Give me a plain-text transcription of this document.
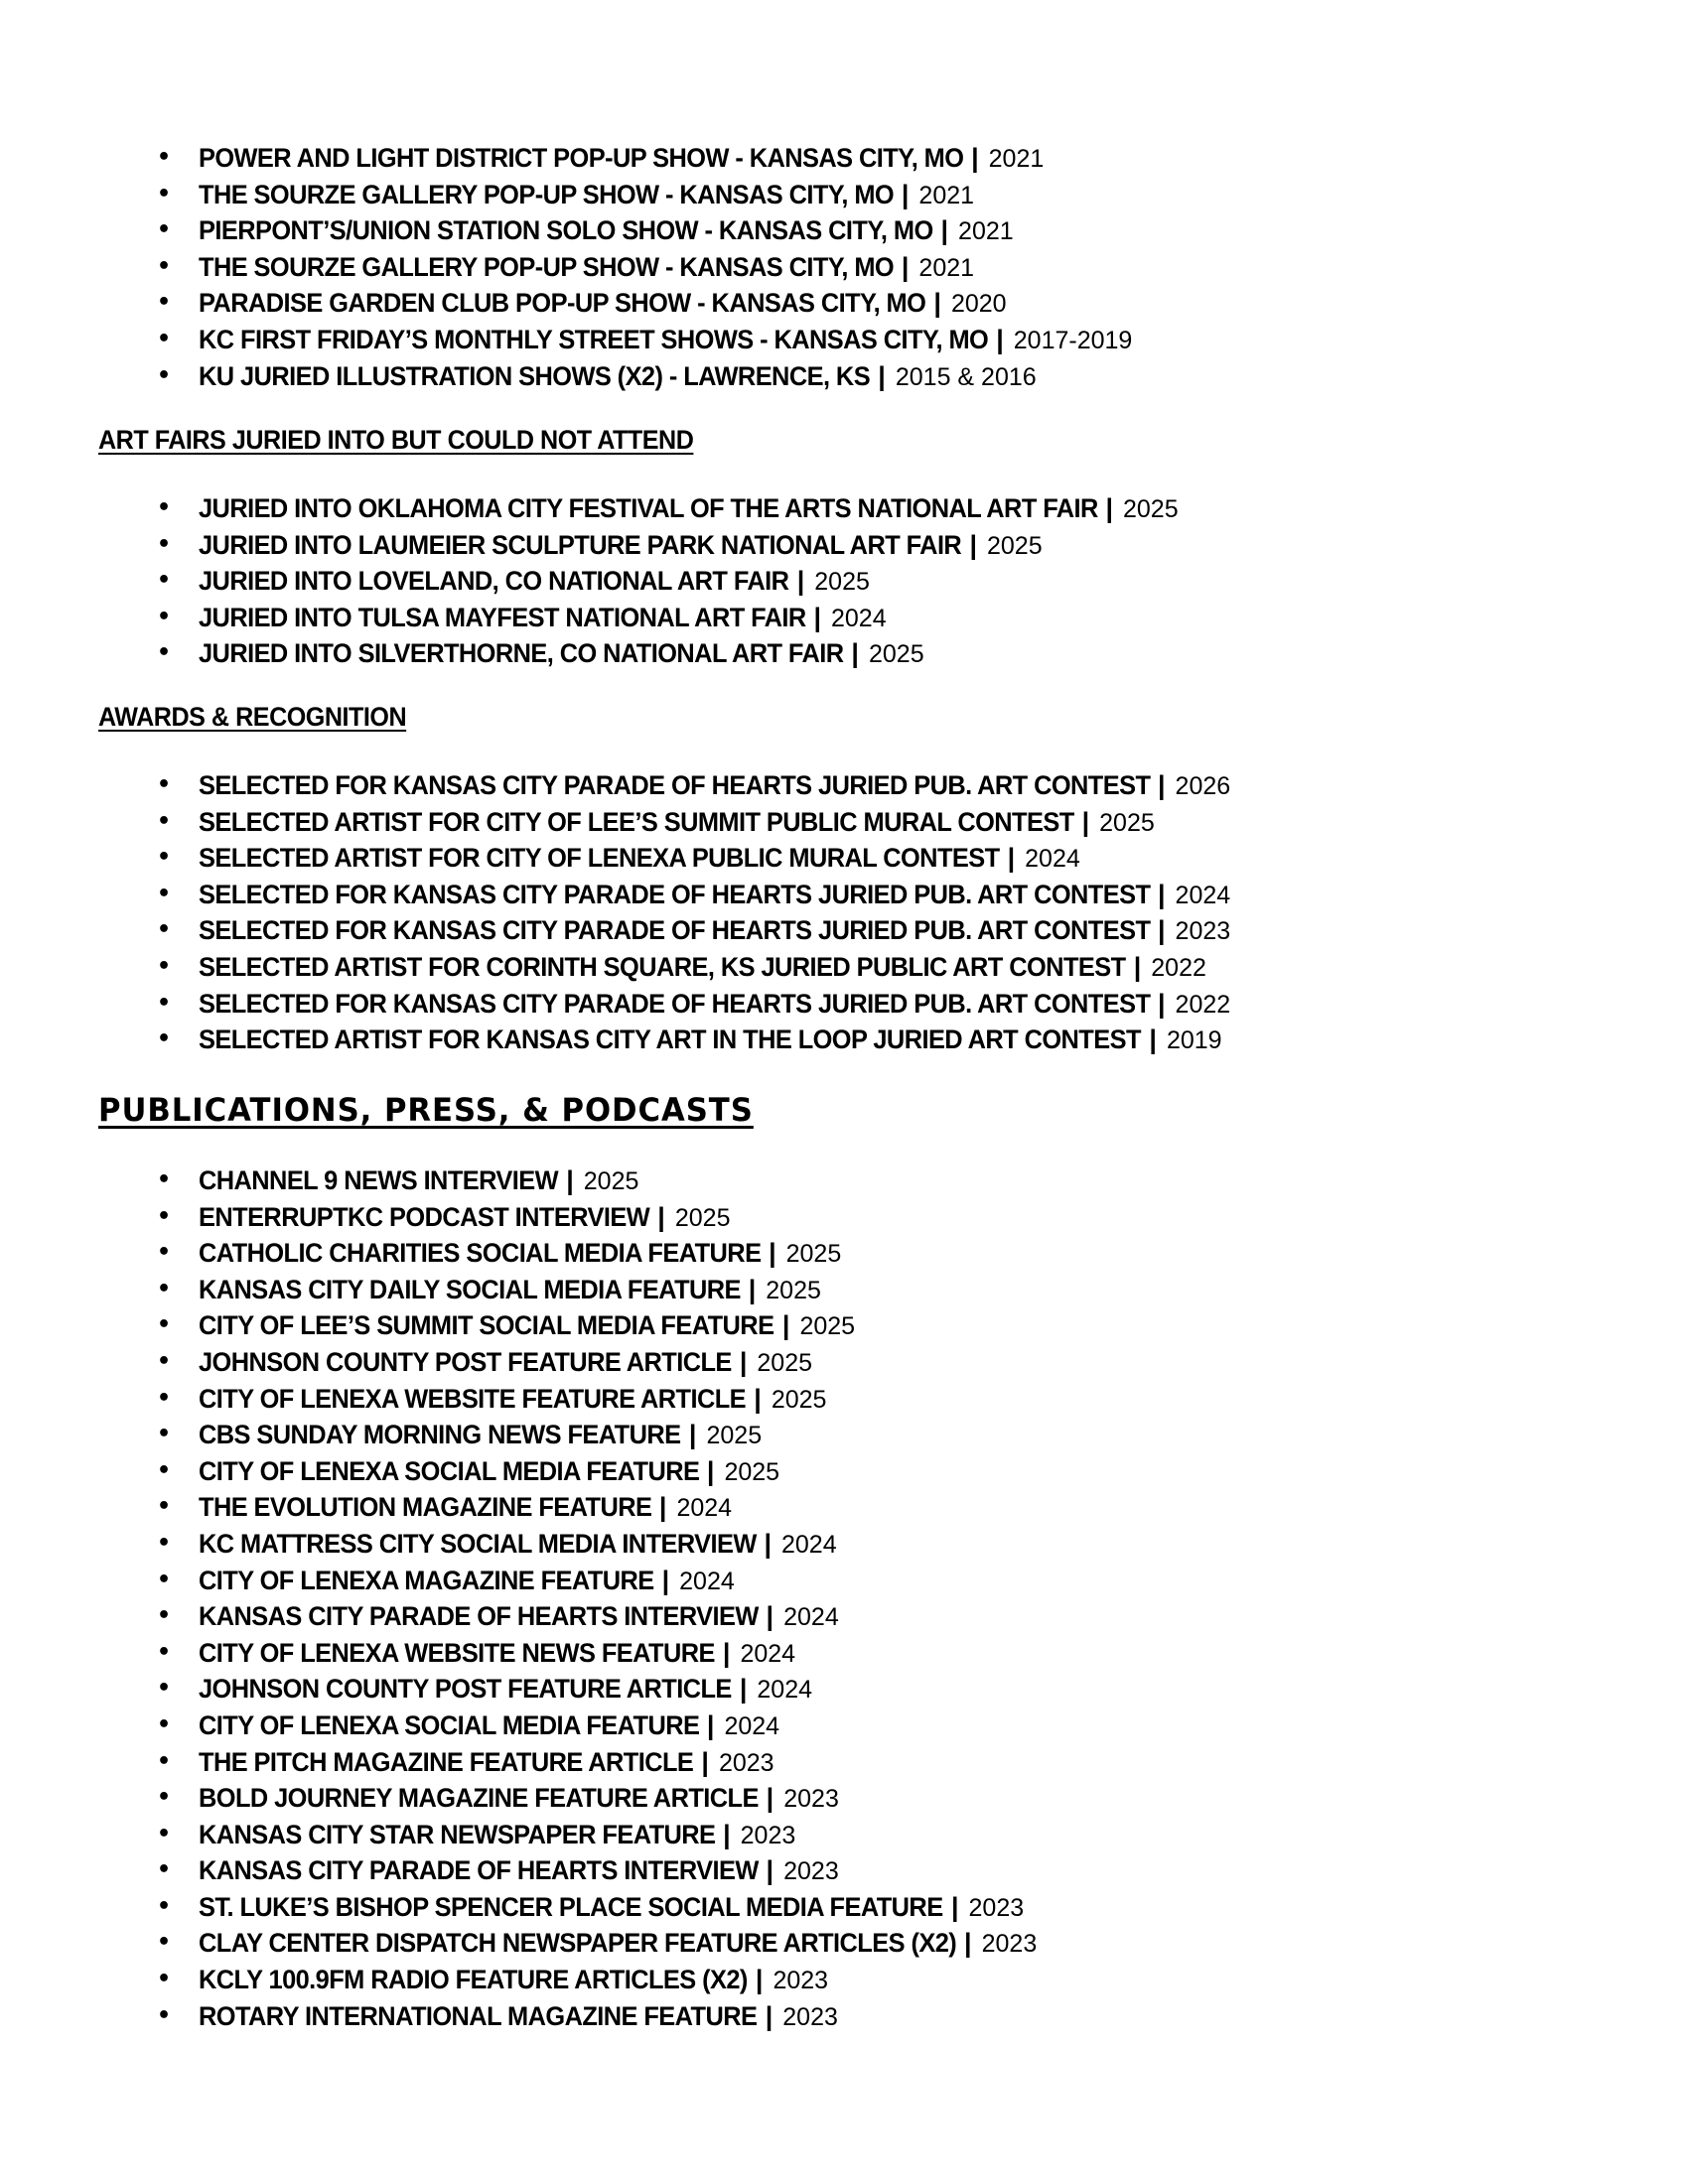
• POWER AND LIGHT DISTRICT POP-UP SHOW - KANSAS CITY, MO | 2021
• THE SOURZE GALLERY POP-UP SHOW - KANSAS CITY, MO | 2021
• PIERPONT’S/UNION STATION SOLO SHOW - KANSAS CITY, MO | 2021
• THE SOURZE GALLERY POP-UP SHOW - KANSAS CITY, MO | 2021
• PARADISE GARDEN CLUB POP-UP SHOW - KANSAS CITY, MO | 2020
• KC FIRST FRIDAY’S MONTHLY STREET SHOWS - KANSAS CITY, MO | 2017-2019
• KU JURIED ILLUSTRATION SHOWS (X2) - LAWRENCE, KS | 2015 & 2016
ART FAIRS JURIED INTO BUT COULD NOT ATTEND
• JURIED INTO OKLAHOMA CITY FESTIVAL OF THE ARTS NATIONAL ART FAIR | 2025
• JURIED INTO LAUMEIER SCULPTURE PARK NATIONAL ART FAIR | 2025
• JURIED INTO LOVELAND, CO NATIONAL ART FAIR | 2025
• JURIED INTO TULSA MAYFEST NATIONAL ART FAIR | 2024
• JURIED INTO SILVERTHORNE, CO NATIONAL ART FAIR | 2025
AWARDS & RECOGNITION
• SELECTED FOR KANSAS CITY PARADE OF HEARTS JURIED PUB. ART CONTEST | 2026
• SELECTED ARTIST FOR CITY OF LEE’S SUMMIT PUBLIC MURAL CONTEST | 2025
• SELECTED ARTIST FOR CITY OF LENEXA PUBLIC MURAL CONTEST | 2024
• SELECTED FOR KANSAS CITY PARADE OF HEARTS JURIED PUB. ART CONTEST | 2024
• SELECTED FOR KANSAS CITY PARADE OF HEARTS JURIED PUB. ART CONTEST | 2023
• SELECTED ARTIST FOR CORINTH SQUARE, KS JURIED PUBLIC ART CONTEST | 2022
• SELECTED FOR KANSAS CITY PARADE OF HEARTS JURIED PUB. ART CONTEST | 2022
• SELECTED ARTIST FOR KANSAS CITY ART IN THE LOOP JURIED ART CONTEST | 2019
PUBLICATIONS, PRESS, & PODCASTS
• CHANNEL 9 NEWS INTERVIEW | 2025
• ENTERRUPTKC PODCAST INTERVIEW | 2025
• CATHOLIC CHARITIES SOCIAL MEDIA FEATURE | 2025
• KANSAS CITY DAILY SOCIAL MEDIA FEATURE | 2025
• CITY OF LEE’S SUMMIT SOCIAL MEDIA FEATURE | 2025
• JOHNSON COUNTY POST FEATURE ARTICLE | 2025
• CITY OF LENEXA WEBSITE FEATURE ARTICLE | 2025
• CBS SUNDAY MORNING NEWS FEATURE | 2025
• CITY OF LENEXA SOCIAL MEDIA FEATURE | 2025
• THE EVOLUTION MAGAZINE FEATURE | 2024
• KC MATTRESS CITY SOCIAL MEDIA INTERVIEW | 2024
• CITY OF LENEXA MAGAZINE FEATURE | 2024
• KANSAS CITY PARADE OF HEARTS INTERVIEW | 2024
• CITY OF LENEXA WEBSITE NEWS FEATURE | 2024
• JOHNSON COUNTY POST FEATURE ARTICLE | 2024
• CITY OF LENEXA SOCIAL MEDIA FEATURE | 2024
• THE PITCH MAGAZINE FEATURE ARTICLE | 2023
• BOLD JOURNEY MAGAZINE FEATURE ARTICLE | 2023
• KANSAS CITY STAR NEWSPAPER FEATURE | 2023
• KANSAS CITY PARADE OF HEARTS INTERVIEW | 2023
• ST. LUKE’S BISHOP SPENCER PLACE SOCIAL MEDIA FEATURE | 2023
• CLAY CENTER DISPATCH NEWSPAPER FEATURE ARTICLES (X2) | 2023
• KCLY 100.9FM RADIO FEATURE ARTICLES (X2) | 2023
• ROTARY INTERNATIONAL MAGAZINE FEATURE | 2023
